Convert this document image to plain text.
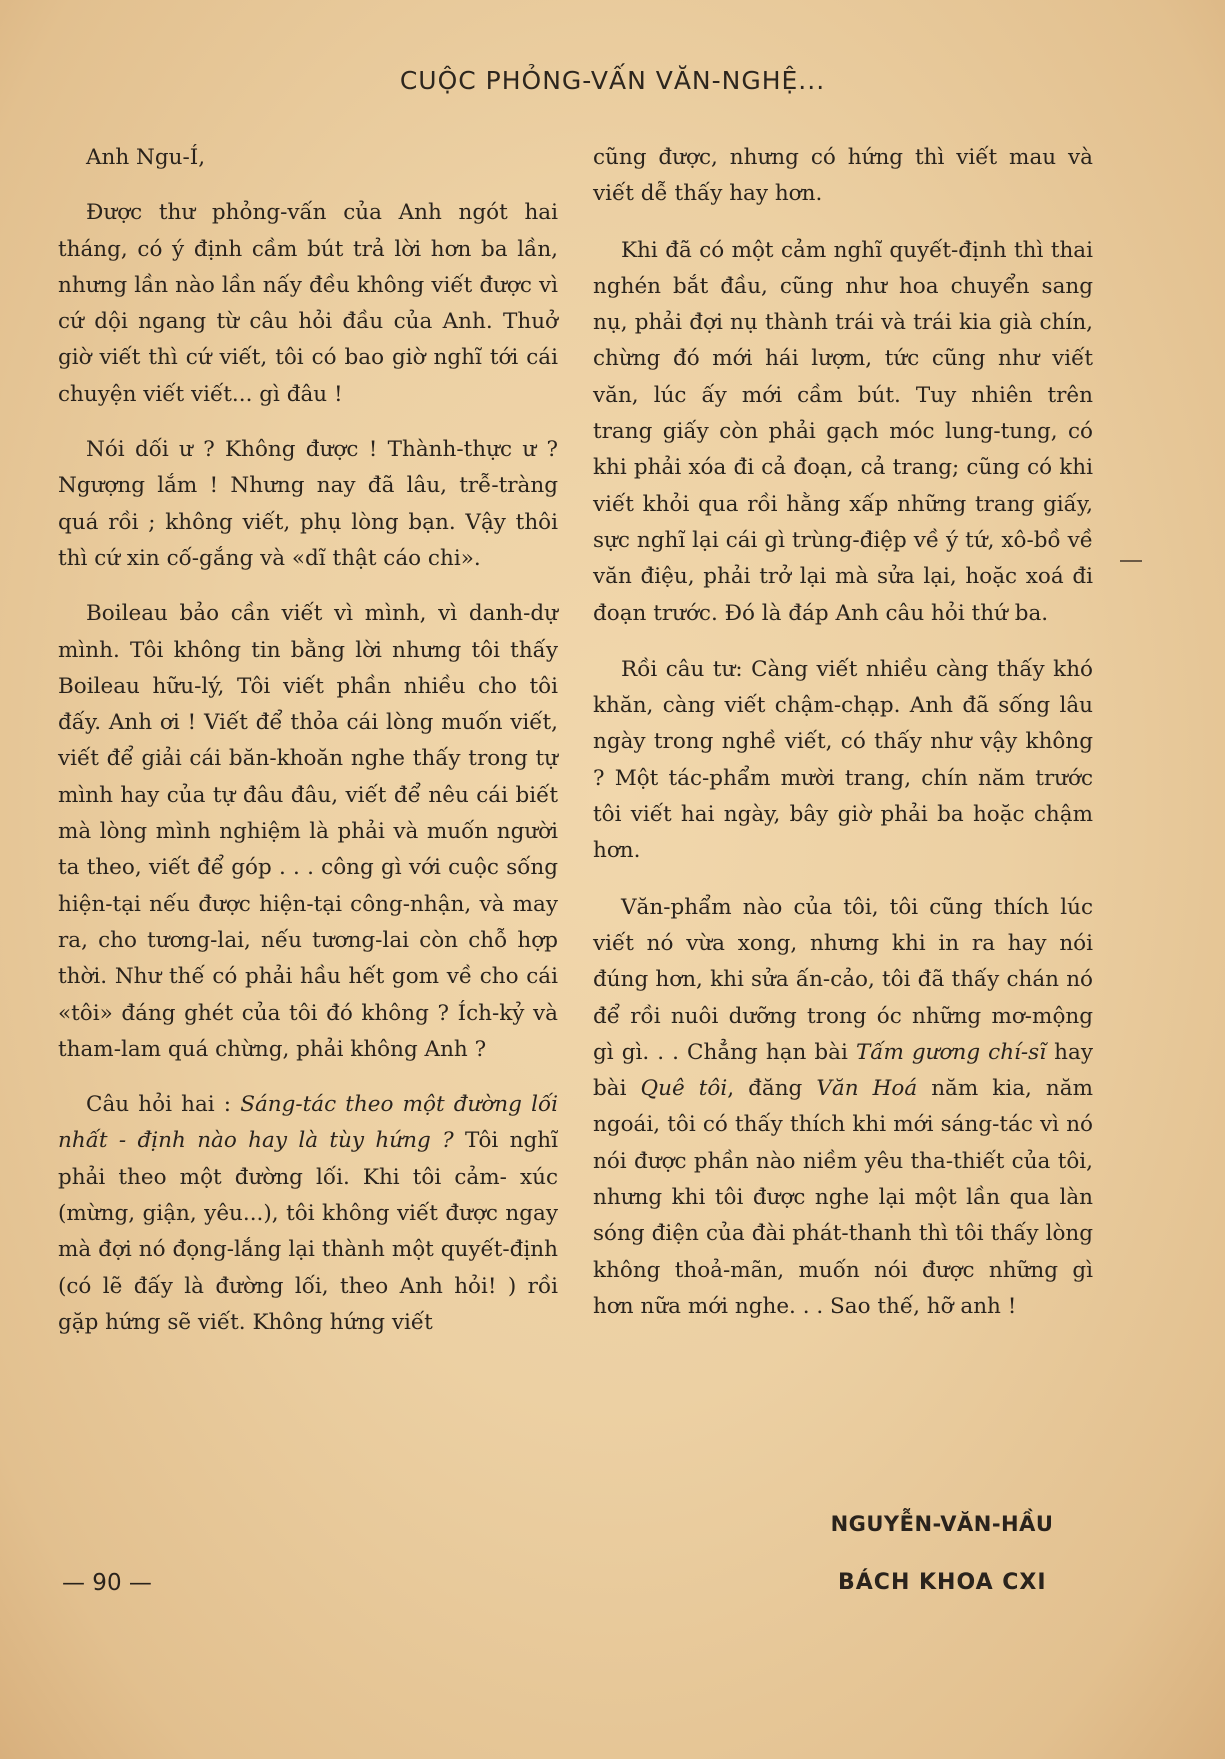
CUỘC PHỎNG-VẤN VĂN-NGHỆ...

Anh Ngu-Í,

Được thư phỏng-vấn của Anh ngót hai tháng, có ý định cầm bút trả lời hơn ba lần, nhưng lần nào lần nấy đều không viết được vì cứ dội ngang từ câu hỏi đầu của Anh. Thuở giờ viết thì cứ viết, tôi có bao giờ nghĩ tới cái chuyện viết viết... gì đâu !

Nói dối ư ? Không được ! Thành-thực ư ? Ngượng lắm ! Nhưng nay đã lâu, trễ-tràng quá rồi ; không viết, phụ lòng bạn. Vậy thôi thì cứ xin cố-gắng và «dĩ thật cáo chi».

Boileau bảo cần viết vì mình, vì danh-dự mình. Tôi không tin bằng lời nhưng tôi thấy Boileau hữu-lý, Tôi viết phần nhiều cho tôi đấy. Anh ơi ! Viết để thỏa cái lòng muốn viết, viết để giải cái băn-khoăn nghe thấy trong tự mình hay của tự đâu đâu, viết để nêu cái biết mà lòng mình nghiệm là phải và muốn người ta theo, viết để góp . . . công gì với cuộc sống hiện-tại nếu được hiện-tại công-nhận, và may ra, cho tương-lai, nếu tương-lai còn chỗ hợp thời. Như thế có phải hầu hết gom về cho cái «tôi» đáng ghét của tôi đó không ? Ích-kỷ và tham-lam quá chừng, phải không Anh ?

Câu hỏi hai : Sáng-tác theo một đường lối nhất - định nào hay là tùy hứng ? Tôi nghĩ phải theo một đường lối. Khi tôi cảm- xúc (mừng, giận, yêu...), tôi không viết được ngay mà đợi nó đọng-lắng lại thành một quyết-định (có lẽ đấy là đường lối, theo Anh hỏi! ) rồi gặp hứng sẽ viết. Không hứng viết

cũng được, nhưng có hứng thì viết mau và viết dễ thấy hay hơn.

Khi đã có một cảm nghĩ quyết-định thì thai nghén bắt đầu, cũng như hoa chuyển sang nụ, phải đợi nụ thành trái và trái kia già chín, chừng đó mới hái lượm, tức cũng như viết văn, lúc ấy mới cầm bút. Tuy nhiên trên trang giấy còn phải gạch móc lung-tung, có khi phải xóa đi cả đoạn, cả trang; cũng có khi viết khỏi qua rồi hằng xấp những trang giấy, sực nghĩ lại cái gì trùng-điệp về ý tứ, xô-bồ về văn điệu, phải trở lại mà sửa lại, hoặc xoá đi đoạn trước. Đó là đáp Anh câu hỏi thứ ba.

Rồi câu tư: Càng viết nhiều càng thấy khó khăn, càng viết chậm-chạp. Anh đã sống lâu ngày trong nghề viết, có thấy như vậy không ? Một tác-phẩm mười trang, chín năm trước tôi viết hai ngày, bây giờ phải ba hoặc chậm hơn.

Văn-phẩm nào của tôi, tôi cũng thích lúc viết nó vừa xong, nhưng khi in ra hay nói đúng hơn, khi sửa ấn-cảo, tôi đã thấy chán nó để rồi nuôi dưỡng trong óc những mơ-mộng gì gì. . . Chẳng hạn bài Tấm gương chí-sĩ hay bài Quê tôi, đăng Văn Hoá năm kia, năm ngoái, tôi có thấy thích khi mới sáng-tác vì nó nói được phần nào niềm yêu tha-thiết của tôi, nhưng khi tôi được nghe lại một lần qua làn sóng điện của đài phát-thanh thì tôi thấy lòng không thoả-mãn, muốn nói được những gì hơn nữa mới nghe. . . Sao thế, hỡ anh !

NGUYỄN-VĂN-HẦU
— 90 —	BÁCH KHOA CXI
